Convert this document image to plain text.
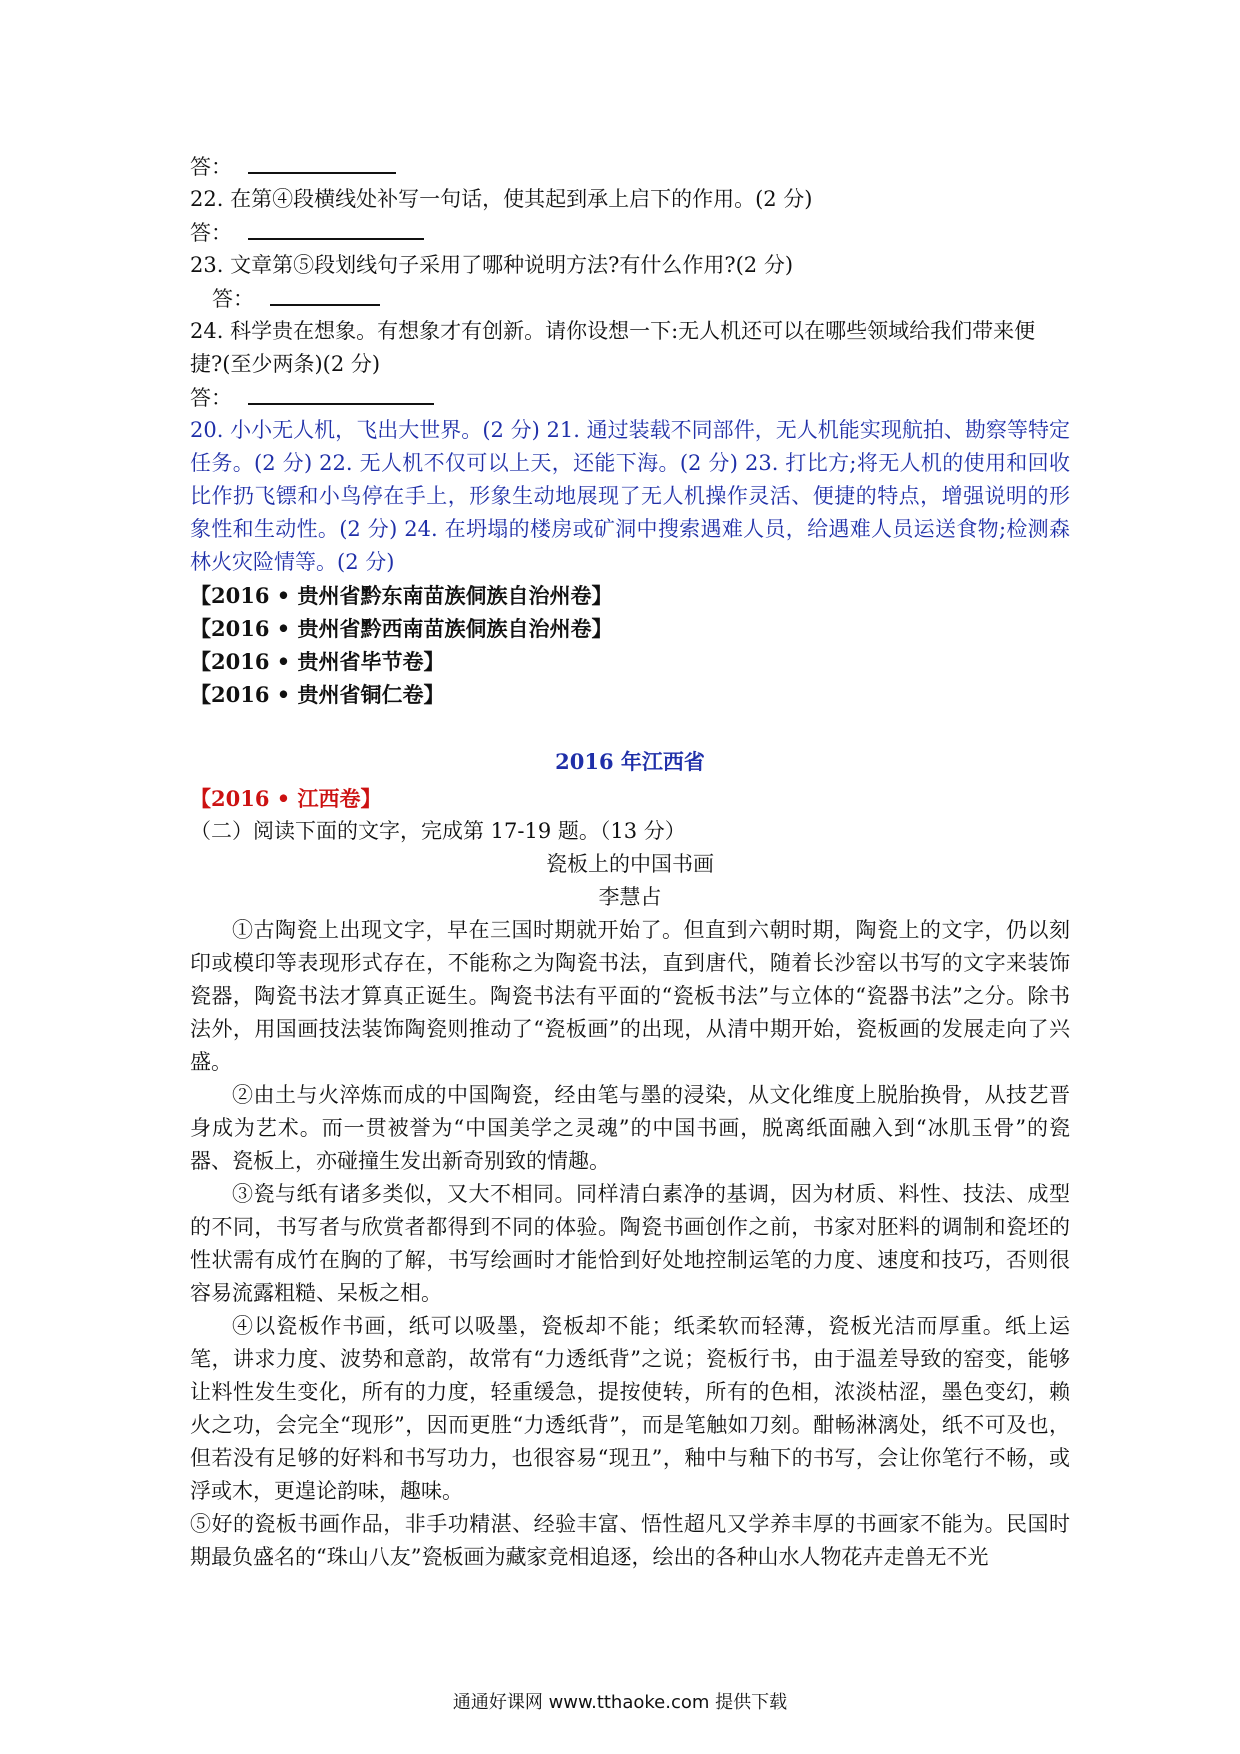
答：
22. 在第④段横线处补写一句话，使其起到承上启下的作用。(2 分)
答：
23. 文章第⑤段划线句子采用了哪种说明方法?有什么作用?(2 分)
答：
24. 科学贵在想象。有想象才有创新。请你设想一下:无人机还可以在哪些领域给我们带来便
捷?(至少两条)(2 分)
答：
20. 小小无人机，飞出大世界。(2 分) 21. 通过装载不同部件，无人机能实现航拍、勘察等特定任务。(2 分) 22. 无人机不仅可以上天，还能下海。(2 分) 23. 打比方;将无人机的使用和回收比作扔飞镖和小鸟停在手上，形象生动地展现了无人机操作灵活、便捷的特点，增强说明的形象性和生动性。(2 分) 24. 在坍塌的楼房或矿洞中搜索遇难人员，给遇难人员运送食物;检测森林火灾险情等。(2 分)
【2016 • 贵州省黔东南苗族侗族自治州卷】
【2016 • 贵州省黔西南苗族侗族自治州卷】
【2016 • 贵州省毕节卷】
【2016 • 贵州省铜仁卷】
2016 年江西省
【2016 • 江西卷】
（二）阅读下面的文字，完成第 17-19 题。（13 分）
瓷板上的中国书画
李慧占
①古陶瓷上出现文字，早在三国时期就开始了。但直到六朝时期，陶瓷上的文字，仍以刻印或模印等表现形式存在，不能称之为陶瓷书法，直到唐代，随着长沙窑以书写的文字来装饰瓷器，陶瓷书法才算真正诞生。陶瓷书法有平面的“瓷板书法”与立体的“瓷器书法”之分。除书法外，用国画技法装饰陶瓷则推动了“瓷板画”的出现，从清中期开始，瓷板画的发展走向了兴盛。
②由土与火淬炼而成的中国陶瓷，经由笔与墨的浸染，从文化维度上脱胎换骨，从技艺晋身成为艺术。而一贯被誉为“中国美学之灵魂”的中国书画，脱离纸面融入到“冰肌玉骨”的瓷器、瓷板上，亦碰撞生发出新奇别致的情趣。
③瓷与纸有诸多类似，又大不相同。同样清白素净的基调，因为材质、料性、技法、成型的不同，书写者与欣赏者都得到不同的体验。陶瓷书画创作之前，书家对胚料的调制和瓷坯的性状需有成竹在胸的了解，书写绘画时才能恰到好处地控制运笔的力度、速度和技巧，否则很容易流露粗糙、呆板之相。
④以瓷板作书画，纸可以吸墨，瓷板却不能；纸柔软而轻薄，瓷板光洁而厚重。纸上运笔，讲求力度、波势和意韵，故常有“力透纸背”之说；瓷板行书，由于温差导致的窑变，能够让料性发生变化，所有的力度，轻重缓急，提按使转，所有的色相，浓淡枯涩，墨色变幻，赖火之功，会完全“现形”，因而更胜“力透纸背”，而是笔触如刀刻。酣畅淋漓处，纸不可及也，但若没有足够的好料和书写功力，也很容易“现丑”，釉中与釉下的书写，会让你笔行不畅，或浮或木，更遑论韵味，趣味。
⑤好的瓷板书画作品，非手功精湛、经验丰富、悟性超凡又学养丰厚的书画家不能为。民国时期最负盛名的“珠山八友”瓷板画为藏家竞相追逐，绘出的各种山水人物花卉走兽无不光
通通好课网 www.tthaoke.com 提供下载
